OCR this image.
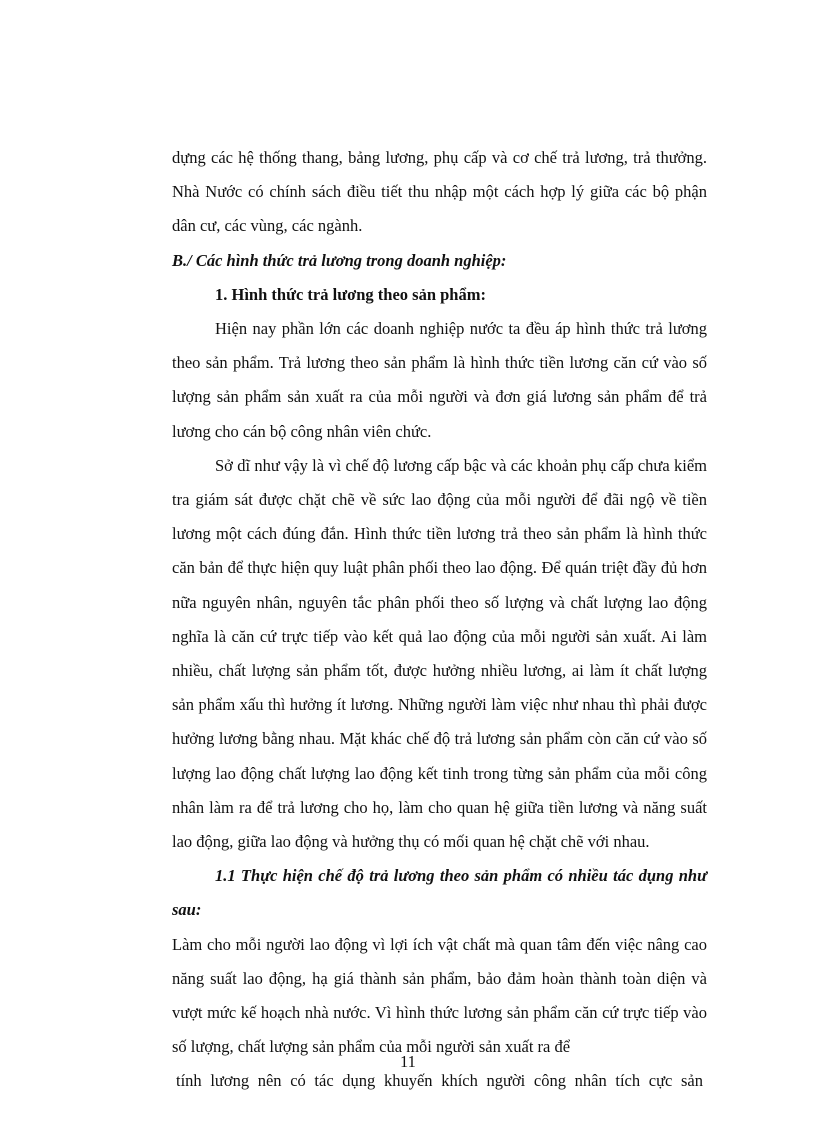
dựng các hệ thống thang, bảng lương, phụ cấp và cơ chế trả lương, trả thưởng. Nhà Nước có chính sách điều tiết thu nhập một cách hợp lý giữa các bộ phận dân cư, các vùng, các ngành.

B./ Các hình thức trả lương trong doanh nghiệp:

1. Hình thức trả lương theo sản phẩm:

Hiện nay phần lớn các doanh nghiệp nước ta đều áp hình thức trả lương theo sản phẩm. Trả lương theo sản phẩm là hình thức tiền lương căn cứ vào số lượng sản phẩm sản xuất ra của mỗi người và đơn giá lương sản phẩm để trả lương cho cán bộ công nhân viên chức.

Sở dĩ như vậy là vì chế độ lương cấp bậc và các khoản phụ cấp chưa kiểm tra giám sát được chặt chẽ về sức lao động của mỗi người để đãi ngộ về tiền lương một cách đúng đắn. Hình thức tiền lương trả theo sản phẩm là hình thức căn bản để thực hiện quy luật phân phối theo lao động. Để quán triệt đầy đủ hơn nữa nguyên nhân, nguyên tắc phân phối theo số lượng và chất lượng lao động nghĩa là căn cứ trực tiếp vào kết quả lao động của mỗi người sản xuất. Ai làm nhiều, chất lượng sản phẩm tốt, được hưởng nhiều lương, ai làm ít chất lượng sản phẩm xấu thì hưởng ít lương. Những người làm việc như nhau thì phải được hưởng lương bằng nhau. Mặt khác chế độ trả lương sản phẩm còn căn cứ vào số lượng lao động chất lượng lao động kết tinh trong từng sản phẩm của mỗi công nhân làm ra để trả lương cho họ, làm cho quan hệ giữa tiền lương và năng suất lao động, giữa lao động và hưởng thụ có mối quan hệ chặt chẽ với nhau.

1.1 Thực hiện chế độ trả lương theo sản phẩm có nhiều tác dụng như sau:

Làm cho mỗi người lao động vì lợi ích vật chất mà quan tâm đến việc nâng cao năng suất lao động, hạ giá thành sản phẩm, bảo đảm hoàn thành toàn diện và vượt mức kế hoạch nhà nước. Vì hình thức lương sản phẩm căn cứ trực tiếp vào số lượng, chất lượng sản phẩm của mỗi người sản xuất ra để

tính lương nên có tác dụng khuyến khích người công nhân tích cực sản

11
